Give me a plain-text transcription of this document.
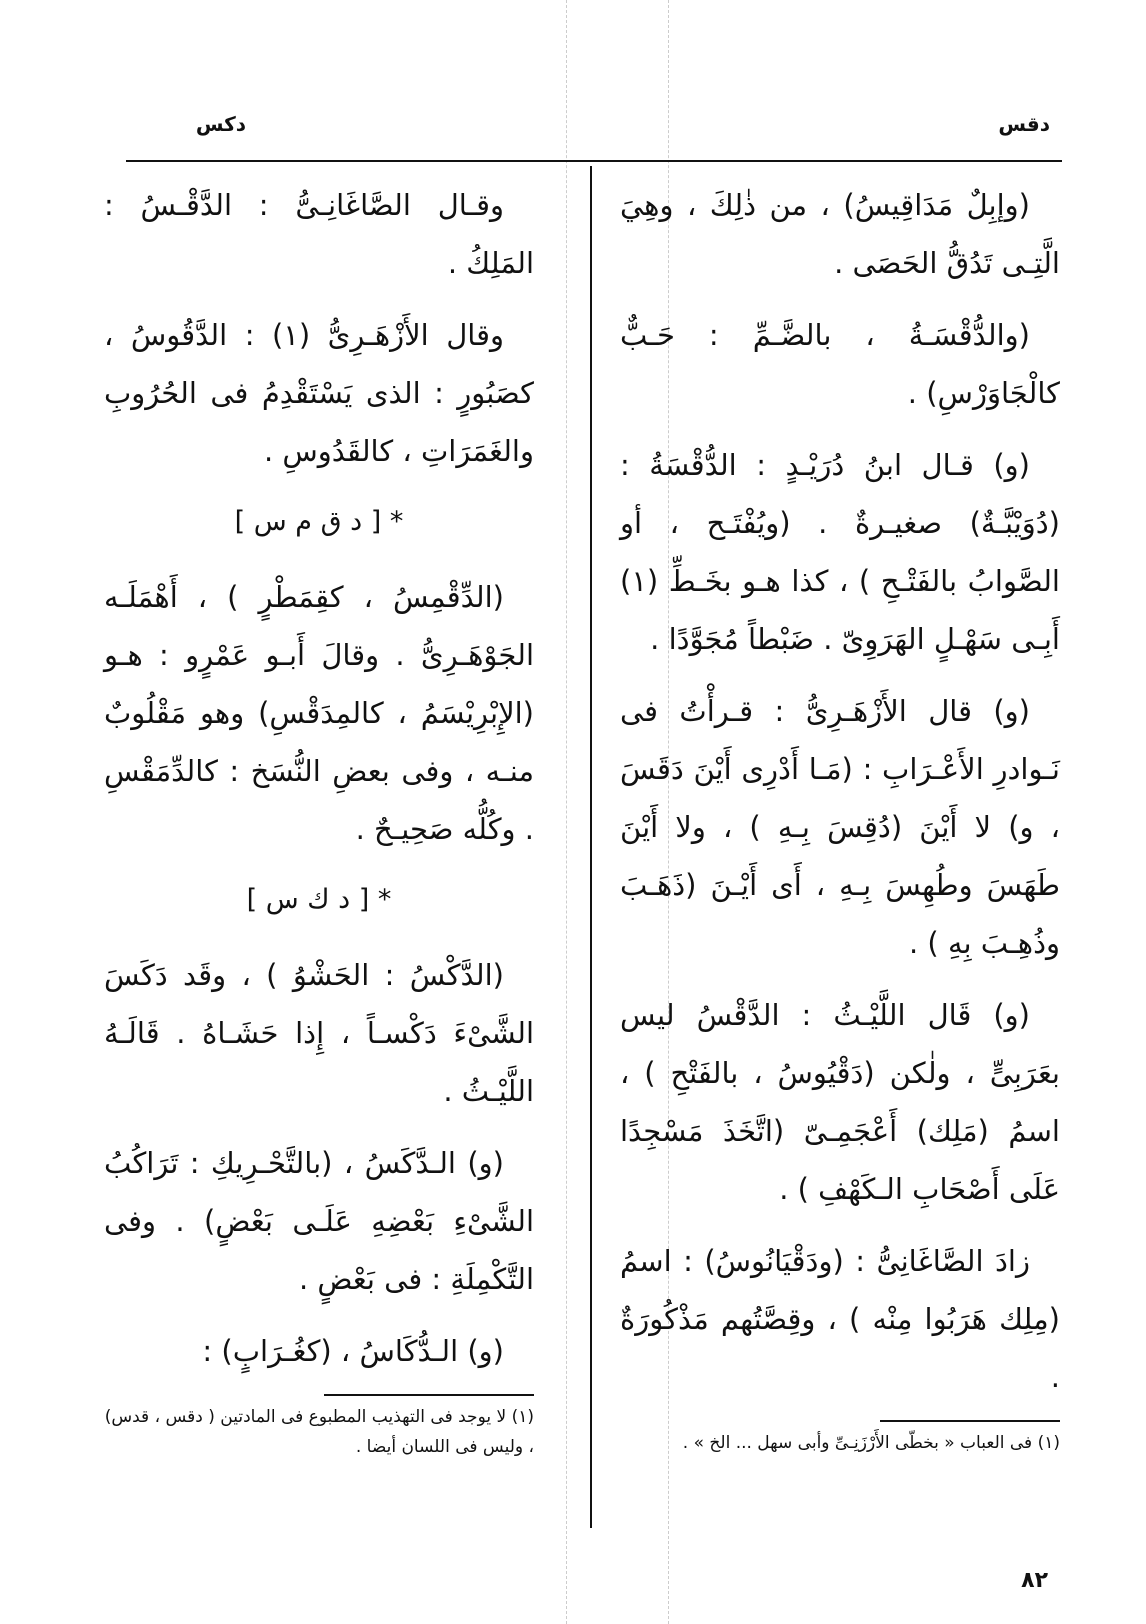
دقس
دكس

(وإبِلٌ مَدَاقِيسُ) ، من ذٰلِكَ ، وهِيَ الَّتِـى تَدُقُّ الحَصَى .

(والدُّقْسَـةُ ، بالضَّـمِّ : حَـبٌّ كالْجَاوَرْسِ) .

(و) قـال ابنُ دُرَيْـدٍ : الدُّقْسَةُ : (دُوَيْبَّـةٌ) صغيـرةٌ . (ويُفْتَـح ، أو الصَّوابُ بالفَتْـحِ ) ، كذا هـو بخَـطِّ (١) أَبِـى سَهْـلٍ الهَرَوِىّ . ضَبْطاً مُجَوَّدًا .

(و) قال الأَزْهَـرِىُّ : قـرأْتُ فى نَـوادرِ الأَعْـرَابِ : (مَـا أَدْرِى أَيْنَ دَقَسَ ، و) لا أَيْنَ (دُقِسَ بِـهِ ) ، ولا أَيْنَ طَهَسَ وطُهِسَ بِـهِ ، أَى أَيْـنَ (ذَهَـبَ وذُهِـبَ بِهِ ) .

(و) قَال اللَّيْـثُ : الدَّقْسُ ليس بعَرَبِىٍّ ، ولٰكن (دَقْيُوسُ ، بالفَتْحِ ) ، اسمُ (مَلِك) أَعْجَمِـىّ (اتَّخَذَ مَسْجِدًا عَلَى أَصْحَابِ الـكَهْفِ ) .

زادَ الصَّاغَانِىُّ : (ودَقْيَانُوسُ) : اسمُ (مِلِك هَرَبُوا مِنْه ) ، وقِصَّتُهم مَذْكُورَةٌ .

(١) فى العباب « بخطّى الأَرْزَنِـىِّ وأبى سهل ... الخ » .

وقـال الصَّاغَانِـىُّ : الدَّقْـسُ : المَلِكُ .

وقال الأَزْهَـرِىُّ (١) : الدَّقُوسُ ، كصَبُورٍ : الذى يَسْتَقْدِمُ فى الحُرُوبِ والغَمَرَاتِ ، كالقَدُوسِ .

* [ د ق م س ]

(الدِّقْمِسُ ، كقِمَطْرٍ ) ، أَهْمَلَـه الجَوْهَـرِىُّ . وقالَ أَبـو عَمْرٍو : هـو (الإِبْرِيْسَمُ ، كالمِدَقْسِ) وهو مَقْلُوبٌ منـه ، وفى بعضِ النُّسَخ : كالدِّمَقْسِ . وكُلُّه صَحِيـحٌ .

* [ د ك س ]

(الدَّكْسُ : الحَشْوُ ) ، وقَد دَكَسَ الشَّىْءَ دَكْسـاً ، إِذا حَشَـاهُ . قَالَـهُ اللَّيْـثُ .

(و) الـدَّكَسُ ، (بالتَّحْـرِيكِ : تَرَاكُبُ الشَّىْءِ بَعْضِهِ عَلَـى بَعْضٍ) . وفى التَّكْمِلَةِ : فى بَعْضٍ .

(و) الـدُّكَاسُ ، (كغُـرَابٍ) :

(١) لا يوجد فى التهذيب المطبوع فى المادتين ( دقس ، قدس) ، وليس فى اللسان أيضا .

٨٢
